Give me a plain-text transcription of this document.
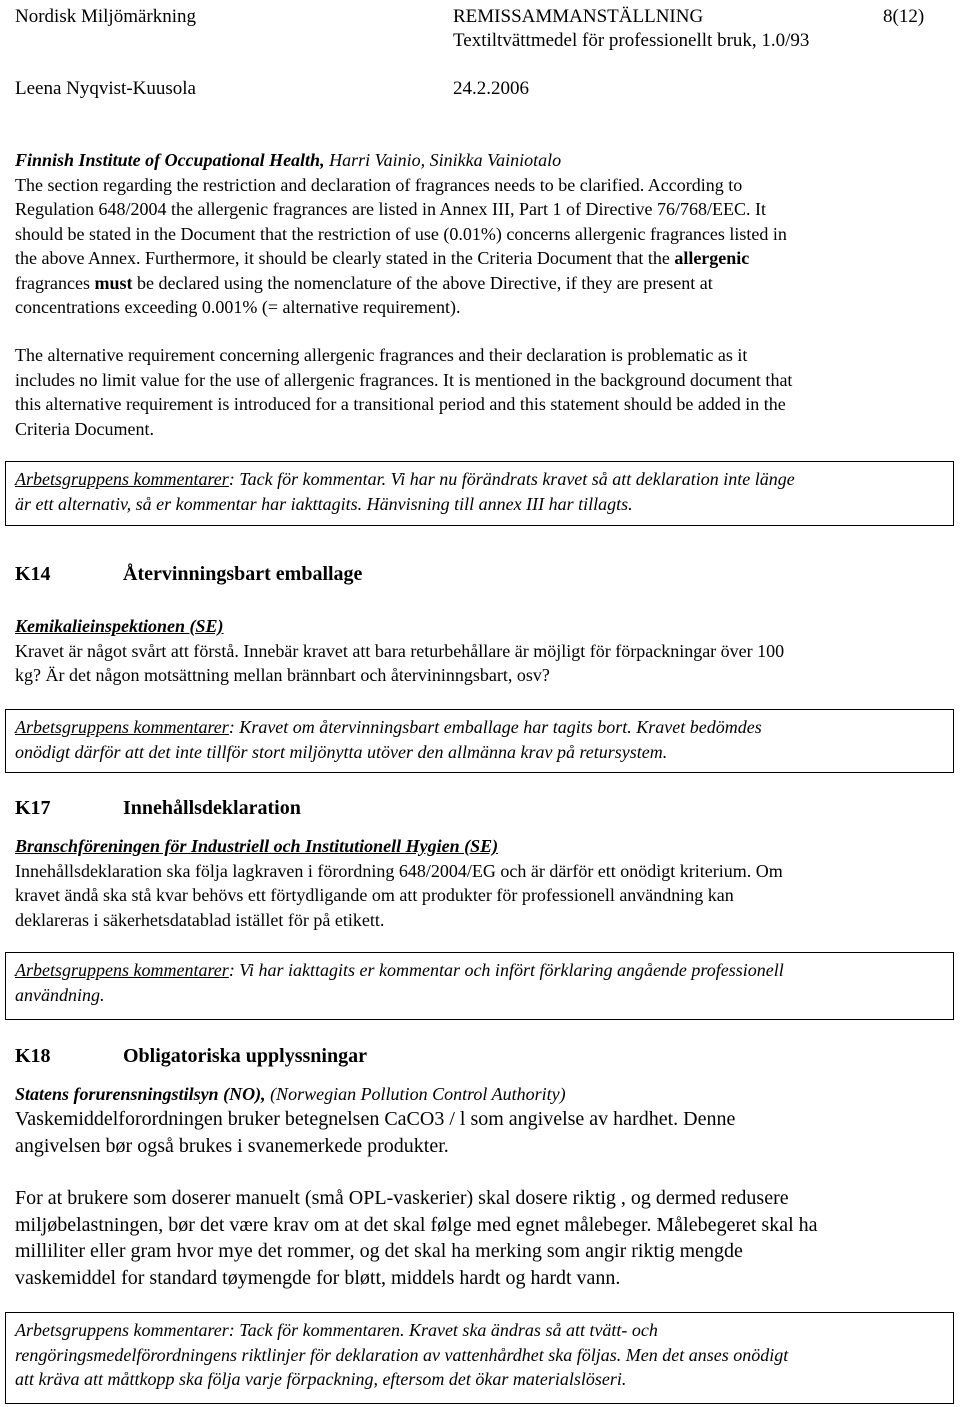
Nordisk Miljömärkning	REMISSAMMANSTÄLLNING	8(12)
Textiltvättmedel för professionellt bruk, 1.0/93
Leena Nyqvist-Kuusola	24.2.2006
Finnish Institute of Occupational Health, Harri Vainio, Sinikka Vainiotalo
The section regarding the restriction and declaration of fragrances needs to be clarified. According to
Regulation 648/2004 the allergenic fragrances are listed in Annex III, Part 1 of Directive 76/768/EEC. It
should be stated in the Document that the restriction of use (0.01%) concerns allergenic fragrances listed in
the above Annex. Furthermore, it should be clearly stated in the Criteria Document that the allergenic
fragrances must be declared using the nomenclature of the above Directive, if they are present at
concentrations exceeding 0.001% (= alternative requirement).
The alternative requirement concerning allergenic fragrances and their declaration is problematic as it
includes no limit value for the use of allergenic fragrances. It is mentioned in the background document that
this alternative requirement is introduced for a transitional period and this statement should be added in the
Criteria Document.
Arbetsgruppens kommentarer: Tack för kommentar. Vi har nu förändrats kravet så att deklaration inte länge
är ett alternativ, så er kommentar har iakttagits. Hänvisning till annex III har tillagts.
K14	Återvinningsbart emballage
Kemikalieinspektionen (SE)
Kravet är något svårt att förstå. Innebär kravet att bara returbehållare är möjligt för förpackningar över 100
kg? Är det någon motsättning mellan brännbart och återvininngsbart, osv?
Arbetsgruppens kommentarer: Kravet om återvinningsbart emballage har tagits bort. Kravet bedömdes
onödigt därför att det inte tillför stort miljönytta utöver den allmänna krav på retursystem.
K17	Innehållsdeklaration
Branschföreningen för Industriell och Institutionell Hygien (SE)
Innehållsdeklaration ska följa lagkraven i förordning 648/2004/EG och är därför ett onödigt kriterium. Om
kravet ändå ska stå kvar behövs ett förtydligande om att produkter för professionell användning kan
deklareras i säkerhetsdatablad istället för på etikett.
Arbetsgruppens kommentarer: Vi har iakttagits er kommentar och infört förklaring angående professionell
användning.
K18	Obligatoriska upplyssningar
Statens forurensningstilsyn (NO), (Norwegian Pollution Control Authority)
Vaskemiddelforordningen bruker betegnelsen CaCO3 / l som angivelse av hardhet. Denne
angivelsen bør også brukes i svanemerkede produkter.
For at brukere som doserer manuelt (små OPL-vaskerier) skal dosere riktig , og dermed redusere
miljøbelastningen, bør det være krav om at det skal følge med egnet målebeger. Målebegeret skal ha
milliliter eller gram hvor mye det rommer, og det skal ha merking som angir riktig mengde
vaskemiddel for standard tøymengde for bløtt, middels hardt og hardt vann.
Arbetsgruppens kommentarer: Tack för kommentaren. Kravet ska ändras så att tvätt- och
rengöringsmedelförordningens riktlinjer för deklaration av vattenhårdhet ska följas. Men det anses onödigt
att kräva att måttkopp ska följa varje förpackning, eftersom det ökar materialslöseri.
